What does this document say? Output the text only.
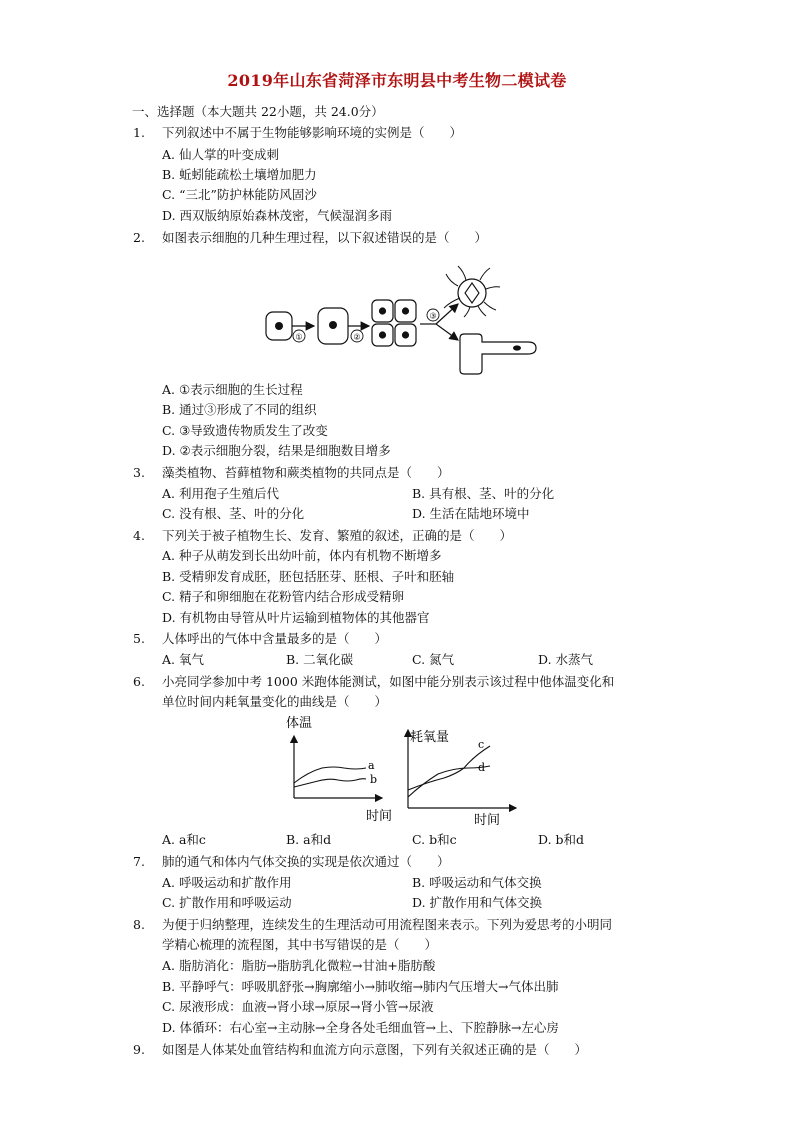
2019年山东省菏泽市东明县中考生物二模试卷
一、选择题（本大题共 22小题，共 24.0分）
1. 下列叙述中不属于生物能够影响环境的实例是（　　）
A. 仙人掌的叶变成刺
B. 蚯蚓能疏松土壤增加肥力
C. “三北”防护林能防风固沙
D. 西双版纳原始森林茂密，气候湿润多雨
2. 如图表示细胞的几种生理过程，以下叙述错误的是（　　）
①	②
③
A. ①表示细胞的生长过程
B. 通过③形成了不同的组织
C. ③导致遗传物质发生了改变
D. ②表示细胞分裂，结果是细胞数目增多
3. 藻类植物、苔藓植物和蕨类植物的共同点是（　　）
A. 利用孢子生殖后代	B. 具有根、茎、叶的分化
C. 没有根、茎、叶的分化	D. 生活在陆地环境中
4. 下列关于被子植物生长、发育、繁殖的叙述，正确的是（　　）
A. 种子从萌发到长出幼叶前，体内有机物不断增多
B. 受精卵发育成胚，胚包括胚芽、胚根、子叶和胚轴
C. 精子和卵细胞在花粉管内结合形成受精卵
D. 有机物由导管从叶片运输到植物体的其他器官
5. 人体呼出的气体中含量最多的是（　　）
A. 氧气	B. 二氧化碳	C. 氮气	D. 水蒸气
6. 小亮同学参加中考 1000 米跑体能测试，如图中能分别表示该过程中他体温变化和
单位时间内耗氧量变化的曲线是（　　）
体温
a
b
时间
耗氧量	c
d
时间
A. a和c	B. a和d	C. b和c	D. b和d
7. 肺的通气和体内气体交换的实现是依次通过（　　）
A. 呼吸运动和扩散作用	B. 呼吸运动和气体交换
C. 扩散作用和呼吸运动	D. 扩散作用和气体交换
8. 为便于归纳整理，连续发生的生理活动可用流程图来表示。下列为爱思考的小明同
学精心梳理的流程图，其中书写错误的是（　　）
A. 脂肪消化：脂肪→脂肪乳化微粒→甘油+脂肪酸
B. 平静呼气：呼吸肌舒张→胸廓缩小→肺收缩→肺内气压增大→气体出肺
C. 尿液形成：血液→肾小球→原尿→肾小管→尿液
D. 体循环：右心室→主动脉→全身各处毛细血管→上、下腔静脉→左心房
9. 如图是人体某处血管结构和血流方向示意图，下列有关叙述正确的是（　　）
